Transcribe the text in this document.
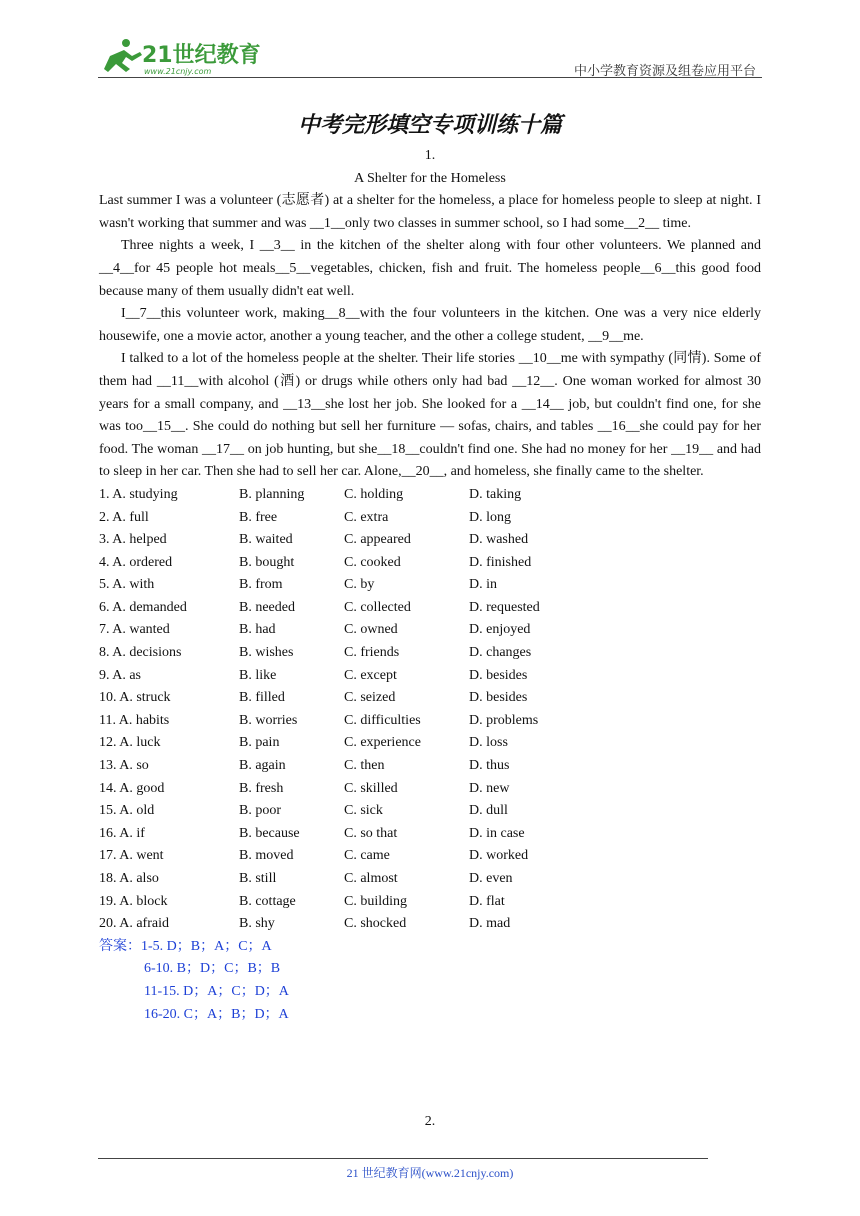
21世纪教育
www.21cnjy.com	中小学教育资源及组卷应用平台
中考完形填空专项训练十篇
1.
A Shelter for the Homeless
Last summer I was a volunteer (志愿者) at a shelter for the homeless, a place for homeless people to sleep at night. I wasn't working that summer and was __1__only two classes in summer school, so I had some__2__ time.
Three nights a week, I __3__ in the kitchen of the shelter along with four other volunteers. We planned and __4__for 45 people hot meals__5__vegetables, chicken, fish and fruit. The homeless people__6__this good food because many of them usually didn't eat well.
I__7__this volunteer work, making__8__with the four volunteers in the kitchen. One was a very nice elderly housewife, one a movie actor, another a young teacher, and the other a college student, __9__me.
I talked to a lot of the homeless people at the shelter. Their life stories __10__me with sympathy (同情). Some of them had __11__with alcohol (酒) or drugs while others only had bad __12__. One woman worked for almost 30 years for a small company, and __13__she lost her job. She looked for a __14__ job, but couldn't find one, for she was too__15__. She could do nothing but sell her furniture — sofas, chairs, and tables __16__she could pay for her food. The woman __17__ on job hunting, but she__18__couldn't find one. She had no money for her __19__ and had to sleep in her car. Then she had to sell her car. Alone,__20__, and homeless, she finally came to the shelter.
1. A. studying	B. planning	C. holding	D. taking
2. A. full	B. free	C. extra	D. long
3. A. helped	B. waited	C. appeared	D. washed
4. A. ordered	B. bought	C. cooked	D. finished
5. A. with	B. from	C. by	D. in
6. A. demanded	B. needed	C. collected	D. requested
7. A. wanted	B. had	C. owned	D. enjoyed
8. A. decisions	B. wishes	C. friends	D. changes
9. A. as	B. like	C. except	D. besides
10. A. struck	B. filled	C. seized	D. besides
11. A. habits	B. worries	C. difficulties	D. problems
12. A. luck	B. pain	C. experience	D. loss
13. A. so	B. again	C. then	D. thus
14. A. good	B. fresh	C. skilled	D. new
15. A. old	B. poor	C. sick	D. dull
16. A. if	B. because	C. so that	D. in case
17. A. went	B. moved	C. came	D. worked
18. A. also	B. still	C. almost	D. even
19. A. block	B. cottage	C. building	D. flat
20. A. afraid	B. shy	C. shocked	D. mad
答案：1-5. D；B；A；C；A
6-10. B；D；C；B；B
11-15. D；A；C；D；A
16-20. C；A；B；D；A
2.
21 世纪教育网(www.21cnjy.com)
